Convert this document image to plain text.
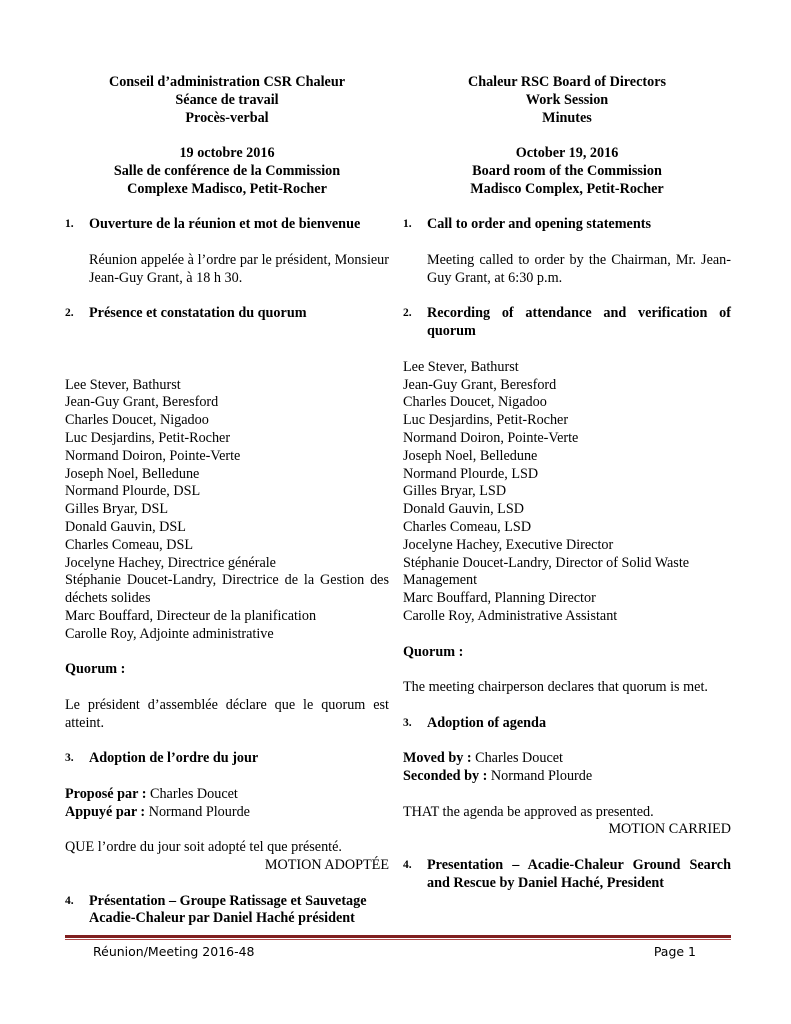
Conseil d’administration CSR Chaleur
Séance de travail
Procès-verbal
19 octobre 2016
Salle de conférence de la Commission
Complexe Madisco, Petit-Rocher
1.	Ouverture de la réunion et mot de bienvenue
Réunion appelée à l’ordre par le président, Monsieur Jean-Guy Grant, à 18 h 30.
2.	Présence et constatation du quorum
Lee Stever, Bathurst
Jean-Guy Grant, Beresford
Charles Doucet, Nigadoo
Luc Desjardins, Petit-Rocher
Normand Doiron, Pointe-Verte
Joseph Noel, Belledune
Normand Plourde, DSL
Gilles Bryar, DSL
Donald Gauvin, DSL
Charles Comeau, DSL
Jocelyne Hachey, Directrice générale
Stéphanie Doucet-Landry, Directrice de la Gestion des déchets solides
Marc Bouffard, Directeur de la planification
Carolle Roy, Adjointe administrative
Quorum :
Le président d’assemblée déclare que le quorum est atteint.
3.	Adoption de l’ordre du jour
Proposé par : Charles Doucet
Appuyé par : Normand Plourde
QUE l’ordre du jour soit adopté tel que présenté.
MOTION ADOPTÉE
4.	Présentation – Groupe Ratissage et Sauvetage Acadie-Chaleur par Daniel Haché président
Chaleur RSC Board of Directors
Work Session
Minutes
October 19, 2016
Board room of the Commission
Madisco Complex, Petit-Rocher
1.	Call to order and opening statements
Meeting called to order by the Chairman, Mr. Jean-Guy Grant, at 6:30 p.m.
2.	Recording of attendance and verification of quorum
Lee Stever, Bathurst
Jean-Guy Grant, Beresford
Charles Doucet, Nigadoo
Luc Desjardins, Petit-Rocher
Normand Doiron, Pointe-Verte
Joseph Noel, Belledune
Normand Plourde, LSD
Gilles Bryar, LSD
Donald Gauvin, LSD
Charles Comeau, LSD
Jocelyne Hachey, Executive Director
Stéphanie Doucet-Landry, Director of Solid Waste Management
Marc Bouffard, Planning Director
Carolle Roy, Administrative Assistant
Quorum :
The meeting chairperson declares that quorum is met.
3.	Adoption of agenda
Moved by : Charles Doucet
Seconded by : Normand Plourde
THAT the agenda be approved as presented.
MOTION CARRIED
4.	Presentation – Acadie-Chaleur Ground Search and Rescue by Daniel Haché, President
Réunion/Meeting 2016-48	Page 1
